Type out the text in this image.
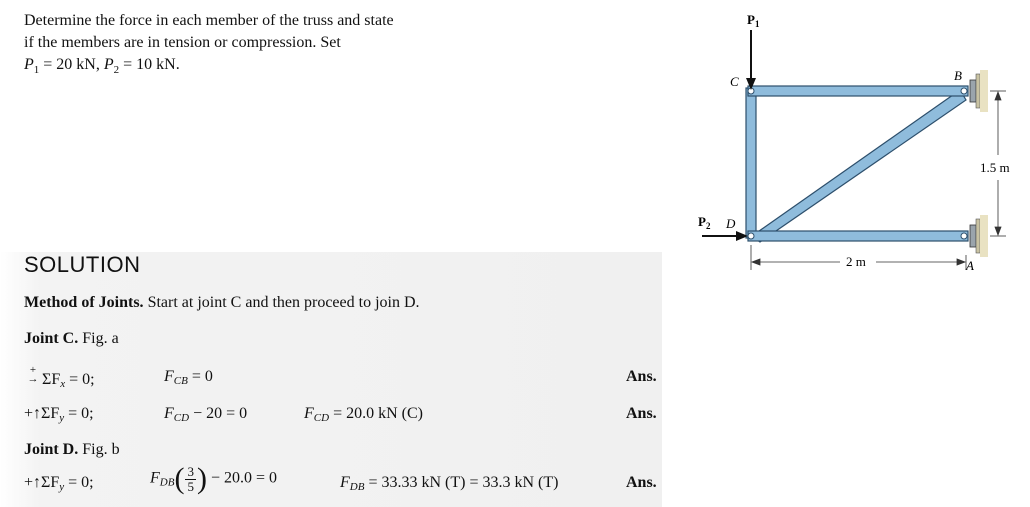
Determine the force in each member of the truss and state
if the members are in tension or compression. Set
$P_1 = 20$ kN, $P_2 = 10$ kN.
$P_1$
$P_2$
C	B
D
A
1.5 m
2 m
SOLUTION
Method of Joints. Start at joint C and then proceed to join D.
Joint C. Fig. a
+
→ $\Sigma F_x = 0$;	$F_{CB} = 0$	Ans.
$+↑\Sigma F_y = 0$;	$F_{CD} - 20 = 0$	$F_{CD} = 20.0$ kN (C)	Ans.
Joint D. Fig. b
$+↑\Sigma F_y = 0$;	$F_{DB}( \frac{3}{5}$ ) − 20.0 = 0	$F_{DB} = 33.33$ kN (T) = 33.3 kN (T)	Ans.
